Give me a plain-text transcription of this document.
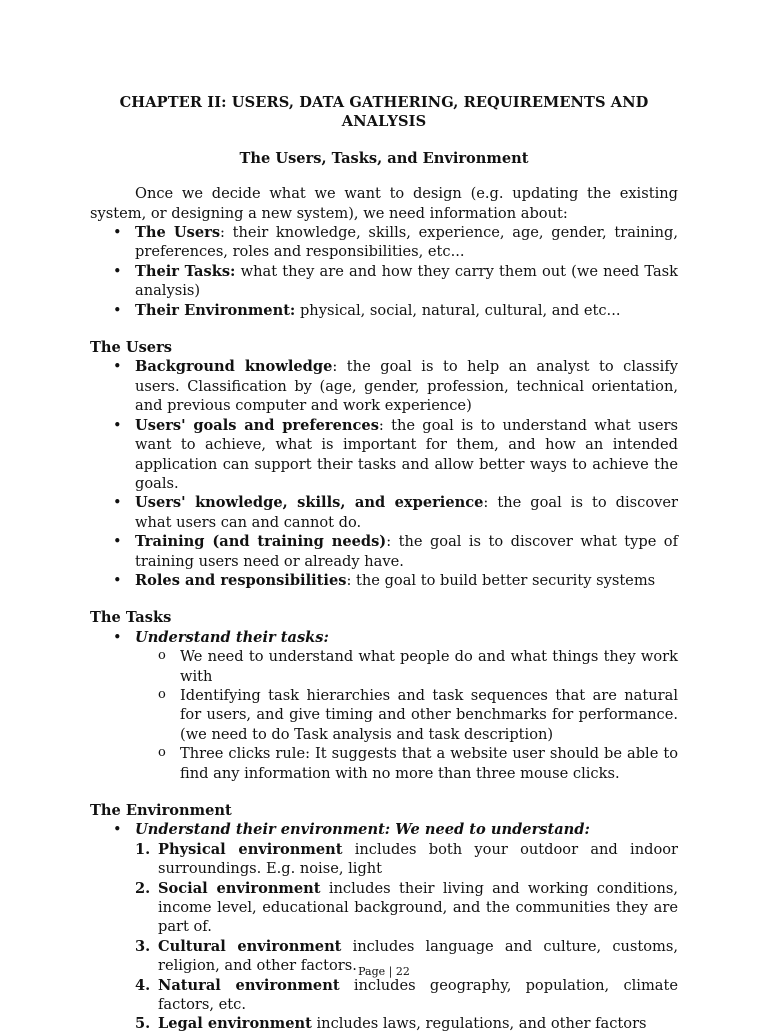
CHAPTER II: USERS, DATA GATHERING, REQUIREMENTS AND ANALYSIS
The Users, Tasks, and Environment

Once we decide what we want to design (e.g. updating the existing system, or designing a new system), we need information about:

• The Users: their knowledge, skills, experience, age, gender, training, preferences, roles and responsibilities, etc...
• Their Tasks: what they are and how they carry them out (we need Task analysis)
• Their Environment: physical, social, natural, cultural, and etc...
The Users
• Background knowledge: the goal is to help an analyst to classify users. Classification by (age, gender, profession, technical orientation, and previous computer and work experience)
• Users' goals and preferences: the goal is to understand what users want to achieve, what is important for them, and how an intended application can support their tasks and allow better ways to achieve the goals.
• Users' knowledge, skills, and experience: the goal is to discover what users can and cannot do.
• Training (and training needs): the goal is to discover what type of training users need or already have.
• Roles and responsibilities: the goal to build better security systems
The Tasks
• Understand their tasks:
o We need to understand what people do and what things they work with
o Identifying task hierarchies and task sequences that are natural for users, and give timing and other benchmarks for performance. (we need to do Task analysis and task description)
o Three clicks rule: It suggests that a website user should be able to find any information with no more than three mouse clicks.
The Environment
• Understand their environment: We need to understand:
1. Physical environment includes both your outdoor and indoor surroundings. E.g. noise, light
2. Social environment includes their living and working conditions, income level, educational background, and the communities they are part of.
3. Cultural environment includes language and culture, customs, religion, and other factors.
4. Natural environment includes geography, population, climate factors, etc.
5. Legal environment includes laws, regulations, and other factors
Page | 22
